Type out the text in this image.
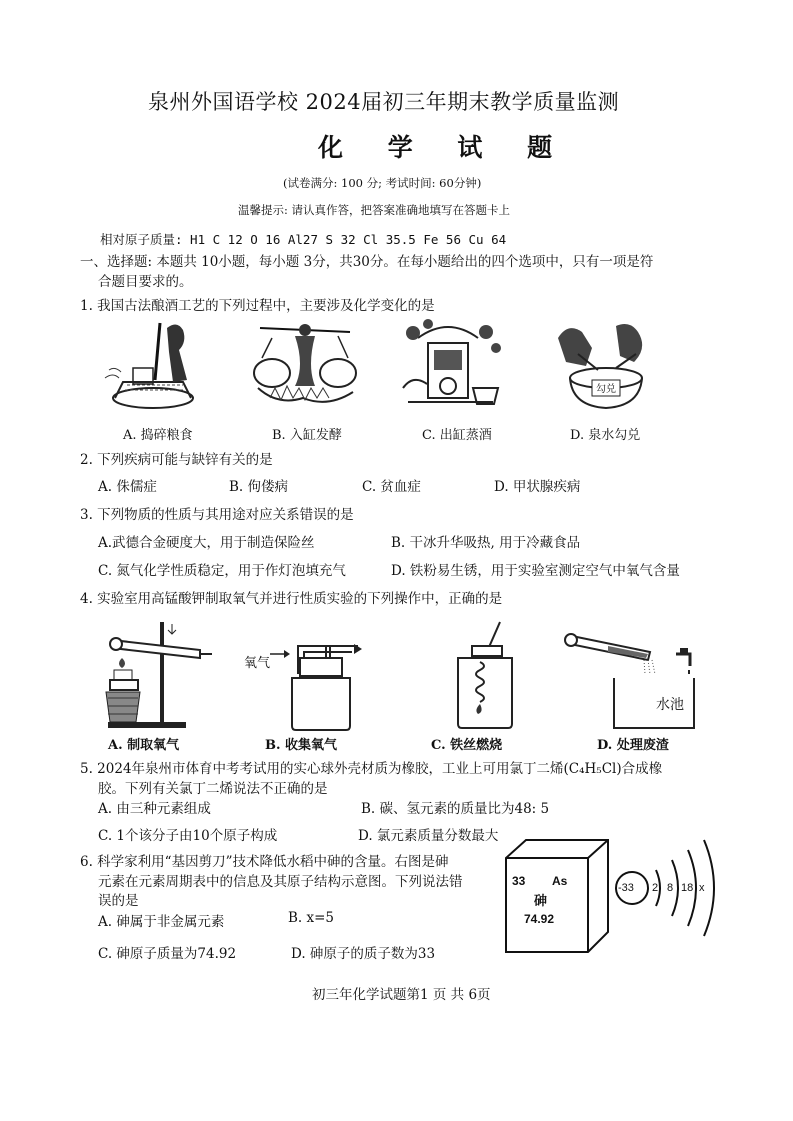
泉州外国语学校 2024届初三年期末教学质量监测
化 学 试 题
(试卷满分: 100 分; 考试时间: 60分钟)
温馨提示: 请认真作答，把答案准确地填写在答题卡上
相对原子质量: H1 C 12 O 16 Al27 S 32 Cl 35.5 Fe 56 Cu 64
一、选择题: 本题共 10小题，每小题 3分，共30分。在每小题给出的四个选项中，只有一项是符
合题目要求的。
1. 我国古法酿酒工艺的下列过程中，主要涉及化学变化的是
勾兑
A. 捣碎粮食	B. 入缸发酵	C. 出缸蒸酒	D. 泉水勾兑
2. 下列疾病可能与缺锌有关的是
A. 侏儒症	B. 佝偻病	C. 贫血症	D. 甲状腺疾病
3. 下列物质的性质与其用途对应关系错误的是
A.武德合金硬度大，用于制造保险丝	B. 干冰升华吸热, 用于冷藏食品
C. 氮气化学性质稳定，用于作灯泡填充气	D. 铁粉易生锈，用于实验室测定空气中氧气含量
4. 实验室用高锰酸钾制取氧气并进行性质实验的下列操作中，正确的是
氧气
水池
A. 制取氧气	B. 收集氧气	C. 铁丝燃烧	D. 处理废渣
5. 2024年泉州市体育中考考试用的实心球外壳材质为橡胶，工业上可用氯丁二烯(C₄H₅Cl)合成橡
胶。下列有关氯丁二烯说法不正确的是
A. 由三种元素组成	B. 碳、氢元素的质量比为48: 5
C. 1个该分子由10个原子构成	D. 氯元素质量分数最大
6. 科学家利用“基因剪刀”技术降低水稻中砷的含量。右图是砷
元素在元素周期表中的信息及其原子结构示意图。下列说法错
误的是
A. 砷属于非金属元素	B. x=5
C. 砷原子质量为74.92	D. 砷原子的质子数为33
33 As
砷
74.92
-33 2 8 18 x
初三年化学试题第1 页 共 6页
